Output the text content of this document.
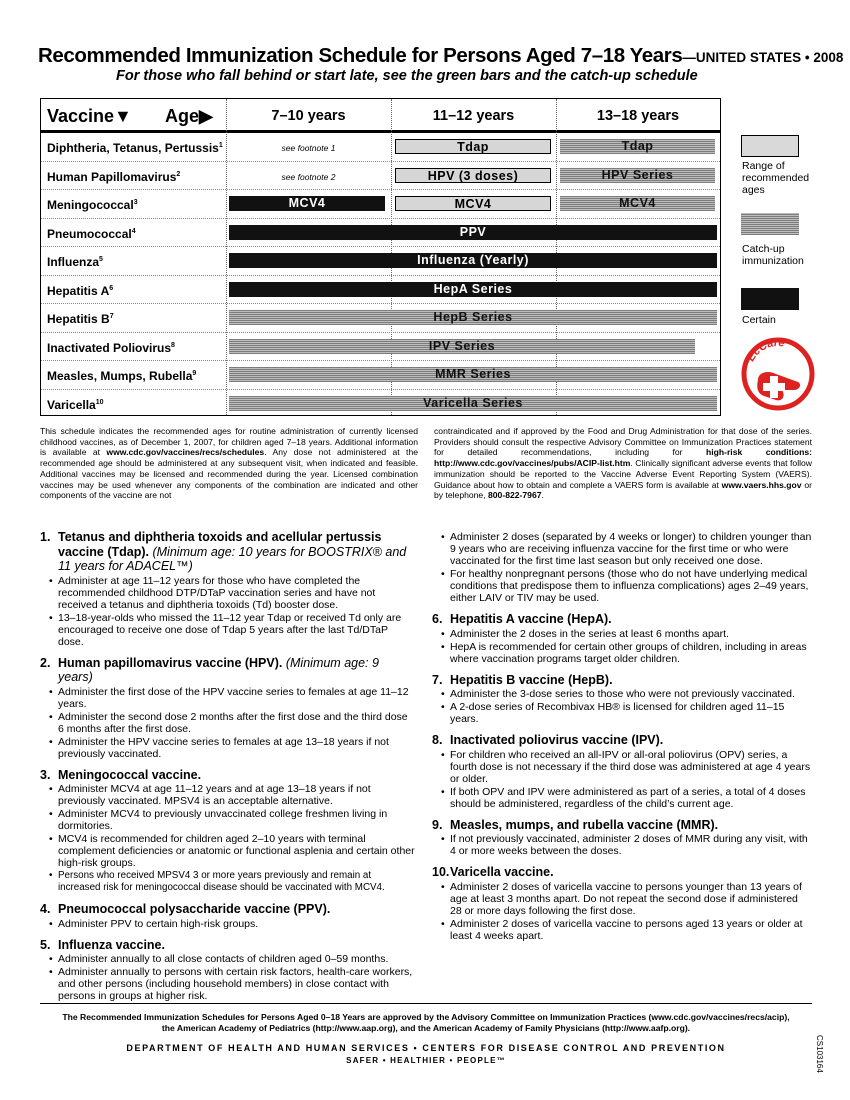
Recommended Immunization Schedule for Persons Aged 7–18 Years—UNITED STATES • 2008
For those who fall behind or start late, see the green bars and the catch-up schedule
Vaccine▼ Age▶	7–10 years	11–12 years	13–18 years
Diphtheria, Tetanus, Pertussis$^1$	see footnote 1	Tdap	Tdap
Human Papillomavirus$^2$	see footnote 2	HPV (3 doses)	HPV Series
Meningococcal$^3$	MCV4	MCV4	MCV4
Pneumococcal$^4$	PPV
Influenza$^5$	Influenza (Yearly)
Hepatitis $A^6$	HepA Series
Hepatitis $B^7$	HepB Series
Inactivated Poliovirus$^8$	IPV Series
Measles, Mumps, Rubella$^9$	MMR Series
Varicella$^{10}$	Varicella Series
Range of recommended ages
Catch-up immunization
Certain
EcCare
This schedule indicates the recommended ages for routine administration of currently licensed childhood vaccines, as of December 1, 2007, for children aged 7–18 years. Additional information is available at www.cdc.gov/vaccines/recs/schedules. Any dose not administered at the recommended age should be administered at any subsequent visit, when indicated and feasible. Additional vaccines may be licensed and recommended during the year. Licensed combination vaccines may be used whenever any components of the combination are indicated and other components of the vaccine are not
contraindicated and if approved by the Food and Drug Administration for that dose of the series. Providers should consult the respective Advisory Committee on Immunization Practices statement for detailed recommendations, including for	high-risk conditions: http://www.cdc.gov/vaccines/pubs/ACIP-list.htm. Clinically significant adverse events that follow immunization should be reported to the Vaccine Adverse Event Reporting System (VAERS). Guidance about how to obtain and complete a VAERS form is available at www.vaers.hhs.gov or by telephone, 800-822-7967.
1. Tetanus and diphtheria toxoids and acellular pertussis vaccine (Tdap). (Minimum age: 10 years for BOOSTRIX® and 11 years for ADACEL™)
• Administer at age 11–12 years for those who have completed the recommended childhood DTP/DTaP vaccination series and have not received a tetanus and diphtheria toxoids (Td) booster dose.
• 13–18-year-olds who missed the 11–12 year Tdap or received Td only are encouraged to receive one dose of Tdap 5 years after the last Td/DTaP dose.
2. Human papillomavirus vaccine (HPV). (Minimum age: 9 years)
• Administer the first dose of the HPV vaccine series to females at age 11–12 years.
• Administer the second dose 2 months after the first dose and the third dose 6 months after the first dose.
• Administer the HPV vaccine series to females at age 13–18 years if not previously vaccinated.
3. Meningococcal vaccine.
• Administer MCV4 at age 11–12 years and at age 13–18 years if not previously vaccinated. MPSV4 is an acceptable alternative.
• Administer MCV4 to previously unvaccinated college freshmen living in dormitories.
• MCV4 is recommended for children aged 2–10 years with terminal complement deficiencies or anatomic or functional asplenia and certain other high-risk groups.
• Persons who received MPSV4 3 or more years previously and remain at increased risk for meningococcal disease should be vaccinated with MCV4.
4. Pneumococcal polysaccharide vaccine (PPV).
• Administer PPV to certain high-risk groups.
5. Influenza vaccine.
• Administer annually to all close contacts of children aged 0–59 months.
• Administer annually to persons with certain risk factors, health-care workers, and other persons (including household members) in close contact with persons in groups at higher risk.
• Administer 2 doses (separated by 4 weeks or longer) to children younger than 9 years who are receiving influenza vaccine for the first time or who were vaccinated for the first time last season but only received one dose.
• For healthy nonpregnant persons (those who do not have underlying medical conditions that predispose them to influenza complications) ages 2–49 years, either LAIV or TIV may be used.
6. Hepatitis A vaccine (HepA).
• Administer the 2 doses in the series at least 6 months apart.
• HepA is recommended for certain other groups of children, including in areas where vaccination programs target older children.
7. Hepatitis B vaccine (HepB).
• Administer the 3-dose series to those who were not previously vaccinated.
• A 2-dose series of Recombivax HB® is licensed for children aged 11–15 years.
8. Inactivated poliovirus vaccine (IPV).
• For children who received an all-IPV or all-oral poliovirus (OPV) series, a fourth dose is not necessary if the third dose was administered at age 4 years or older.
• If both OPV and IPV were administered as part of a series, a total of 4 doses should be administered, regardless of the child’s current age.
9. Measles, mumps, and rubella vaccine (MMR).
• If not previously vaccinated, administer 2 doses of MMR during any visit, with 4 or more weeks between the doses.
10.Varicella vaccine.
• Administer 2 doses of varicella vaccine to persons younger than 13 years of age at least 3 months apart. Do not repeat the second dose if administered 28 or more days following the first dose.
• Administer 2 doses of varicella vaccine to persons aged 13 years or older at least 4 weeks apart.
The Recommended Immunization Schedules for Persons Aged 0–18 Years are approved by the Advisory Committee on Immunization Practices (www.cdc.gov/vaccines/recs/acip),
the American Academy of Pediatrics (http://www.aap.org), and the American Academy of Family Physicians (http://www.aafp.org).
DEPARTMENT OF HEALTH AND HUMAN SERVICES • CENTERS FOR DISEASE CONTROL AND PREVENTION
SAFER • HEALTHIER • PEOPLE™	CS103164
